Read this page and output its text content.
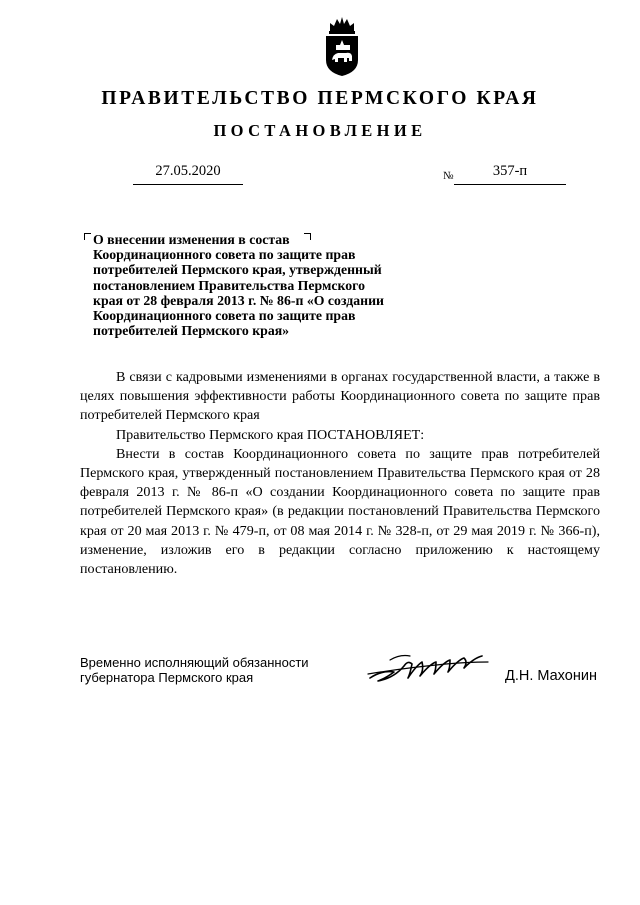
ПРАВИТЕЛЬСТВО ПЕРМСКОГО КРАЯ
ПОСТАНОВЛЕНИЕ
27.05.2020	№	357-п
О внесении изменения в состав
Координационного совета по защите прав
потребителей Пермского края, утвержденный
постановлением Правительства Пермского
края от 28 февраля 2013 г. № 86-п «О создании
Координационного совета по защите прав
потребителей Пермского края»

В связи с кадровыми изменениями в органах государственной власти, а также в целях повышения эффективности работы Координационного совета по защите прав потребителей Пермского края

Правительство Пермского края ПОСТАНОВЛЯЕТ:

Внести в состав Координационного совета по защите прав потребителей Пермского края, утвержденный постановлением Правительства Пермского края от 28 февраля 2013 г. № 86-п «О создании Координационного совета по защите прав потребителей Пермского края» (в редакции постановлений Правительства Пермского края от 20 мая 2013 г. № 479-п, от 08 мая 2014 г. № 328-п, от 29 мая 2019 г. № 366-п), изменение, изложив его в редакции согласно приложению к настоящему постановлению.

Временно исполняющий обязанности
губернатора Пермского края	Д.Н. Махонин
